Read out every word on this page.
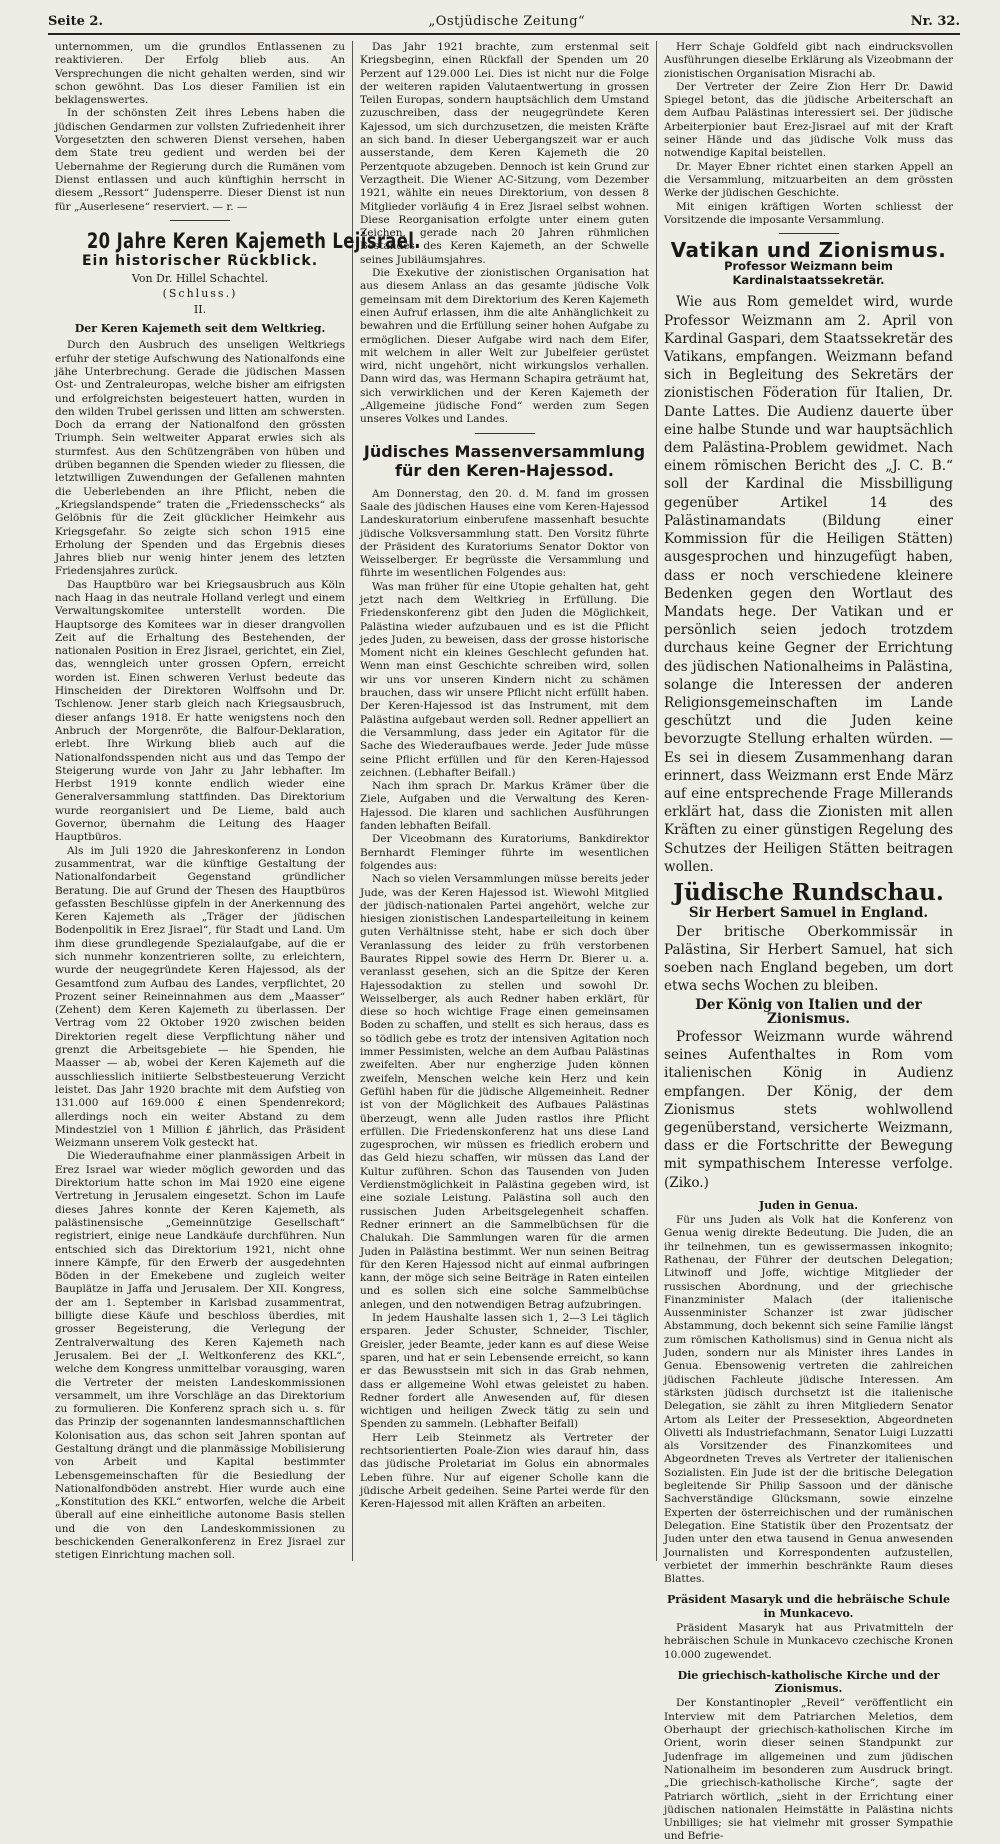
Seite 2.	„Ostjüdische Zeitung“	Nr. 32.

unternommen, um die grundlos Entlassenen zu reaktivieren. Der Erfolg blieb aus. An Versprechungen die nicht gehalten werden, sind wir schon gewöhnt. Das Los dieser Familien ist ein beklagenswertes.

In der schönsten Zeit ihres Lebens haben die jüdischen Gendarmen zur vollsten Zufriedenheit ihrer Vorgesetzten den schweren Dienst versehen, haben dem State treu gedient und werden bei der Uebernahme der Regierung durch die Rumänen vom Dienst entlassen und auch künftighin herrscht in diesem „Ressort“ Judensperre. Dieser Dienst ist nun für „Auserlesene“ reserviert. — r. —

20 Jahre Keren Kajemeth Lejisrael.
Ein historischer Rückblick.
Von Dr. Hillel Schachtel.
(Schluss.)
II.
Der Keren Kajemeth seit dem Weltkrieg.

Durch den Ausbruch des unseligen Weltkriegs erfuhr der stetige Aufschwung des Nationalfonds eine jähe Unterbrechung. Gerade die jüdischen Massen Ost- und Zentraleuropas, welche bisher am eifrigsten und erfolgreichsten beigesteuert hatten, wurden in den wilden Trubel gerissen und litten am schwersten. Doch da errang der Nationalfond den grössten Triumph. Sein weltweiter Apparat erwies sich als sturmfest. Aus den Schützengräben von hüben und drüben begannen die Spenden wieder zu fliessen, die letztwilligen Zuwendungen der Gefallenen mahnten die Ueberlebenden an ihre Pflicht, neben die „Kriegslandspende“ traten die „Friedensschecks“ als Gelöbnis für die Zeit glücklicher Heimkehr aus Kriegsgefahr. So zeigte sich schon 1915 eine Erholung der Spenden und das Ergebnis dieses Jahres blieb nur wenig hinter jenem des letzten Friedensjahres zurück.

Das Hauptbüro war bei Kriegsausbruch aus Köln nach Haag in das neutrale Holland verlegt und einem Verwaltungskomitee unterstellt worden. Die Hauptsorge des Komitees war in dieser drangvollen Zeit auf die Erhaltung des Bestehenden, der nationalen Position in Erez Jisrael, gerichtet, ein Ziel, das, wenngleich unter grossen Opfern, erreicht worden ist. Einen schweren Verlust bedeute das Hinscheiden der Direktoren Wolffsohn und Dr. Tschlenow. Jener starb gleich nach Kriegsausbruch, dieser anfangs 1918. Er hatte wenigstens noch den Anbruch der Morgenröte, die Balfour-Deklaration, erlebt. Ihre Wirkung blieb auch auf die Nationalfondsspenden nicht aus und das Tempo der Steigerung wurde von Jahr zu Jahr lebhafter. Im Herbst 1919 konnte endlich wieder eine Generalversammlung stattfinden. Das Direktorium wurde reorganisiert und De Lieme, bald auch Governor, übernahm die Leitung des Haager Hauptbüros.

Als im Juli 1920 die Jahreskonferenz in London zusammentrat, war die künftige Gestaltung der Nationalfondarbeit Gegenstand gründlicher Beratung. Die auf Grund der Thesen des Hauptbüros gefassten Beschlüsse gipfeln in der Anerkennung des Keren Kajemeth als „Träger der jüdischen Bodenpolitik in Erez Jisrael“, für Stadt und Land. Um ihm diese grundlegende Spezialaufgabe, auf die er sich nunmehr konzentrieren sollte, zu erleichtern, wurde der neugegründete Keren Hajessod, als der Gesamtfond zum Aufbau des Landes, verpflichtet, 20 Prozent seiner Reineinnahmen aus dem „Maasser“ (Zehent) dem Keren Kajemeth zu überlassen. Der Vertrag vom 22 Oktober 1920 zwischen beiden Direktorien regelt diese Verpflichtung näher und grenzt die Arbeitsgebiete — hie Spenden, hie Maasser — ab, wobei der Keren Kajemeth auf die ausschliesslich initiierte Selbstbesteuerung Verzicht leistet. Das Jahr 1920 brachte mit dem Aufstieg von 131.000 auf 169.000 £ einen Spendenrekord; allerdings noch ein weiter Abstand zu dem Mindestziel von 1 Million £ jährlich, das Präsident Weizmann unserem Volk gesteckt hat.

Die Wiederaufnahme einer planmässigen Arbeit in Erez Israel war wieder möglich geworden und das Direktorium hatte schon im Mai 1920 eine eigene Vertretung in Jerusalem eingesetzt. Schon im Laufe dieses Jahres konnte der Keren Kajemeth, als palästinensische „Gemeinnützige Gesellschaft“ registriert, einige neue Landkäufe durchführen. Nun entschied sich das Direktorium 1921, nicht ohne innere Kämpfe, für den Erwerb der ausgedehnten Böden in der Emekebene und zugleich weiter Bauplätze in Jaffa und Jerusalem. Der XII. Kongress, der am 1. September in Karlsbad zusammentrat, billigte diese Käufe und beschloss überdies, mit grosser Begeisterung, die Verlegung der Zentralverwaltung des Keren Kajemeth nach Jerusalem. Bei der „I. Weltkonferenz des KKL“, welche dem Kongress unmittelbar vorausging, waren die Vertreter der meisten Landeskommissionen versammelt, um ihre Vorschläge an das Direktorium zu formulieren. Die Konferenz sprach sich u. s. für das Prinzip der sogenannten landesmannschaftlichen Kolonisation aus, das schon seit Jahren spontan auf Gestaltung drängt und die planmässige Mobilisierung von Arbeit und Kapital bestimmter Lebensgemeinschaften für die Besiedlung der Nationalfondböden anstrebt. Hier wurde auch eine „Konstitution des KKL“ entworfen, welche die Arbeit überall auf eine einheitliche autonome Basis stellen und die von den Landeskommissionen zu beschickenden Generalkonferenz in Erez Jisrael zur stetigen Einrichtung machen soll.

Das Jahr 1921 brachte, zum erstenmal seit Kriegsbeginn, einen Rückfall der Spenden um 20 Perzent auf 129.000 Lei. Dies ist nicht nur die Folge der weiteren rapiden Valutaentwertung in grossen Teilen Europas, sondern hauptsächlich dem Umstand zuzuschreiben, dass der neugegründete Keren Kajessod, um sich durchzusetzen, die meisten Kräfte an sich band. In dieser Uebergangszeit war er auch ausserstande, dem Keren Kajemeth die 20 Perzentquote abzugeben. Dennoch ist kein Grund zur Verzagtheit. Die Wiener AC-Sitzung, vom Dezember 1921, wählte ein neues Direktorium, von dessen 8 Mitglieder vorläufig 4 in Erez Jisrael selbst wohnen. Diese Reorganisation erfolgte unter einem guten Zeichen, gerade nach 20 Jahren rühmlichen Bestandes des Keren Kajemeth, an der Schwelle seines Jubiläumsjahres.

Die Exekutive der zionistischen Organisation hat aus diesem Anlass an das gesamte jüdische Volk gemeinsam mit dem Direktorium des Keren Kajemeth einen Aufruf erlassen, ihm die alte Anhänglichkeit zu bewahren und die Erfüllung seiner hohen Aufgabe zu ermöglichen. Dieser Aufgabe wird nach dem Eifer, mit welchem in aller Welt zur Jubelfeier gerüstet wird, nicht ungehört, nicht wirkungslos verhallen. Dann wird das, was Hermann Schapira geträumt hat, sich verwirklichen und der Keren Kajemeth der „Allgemeine jüdische Fond“ werden zum Segen unseres Volkes und Landes.

Jüdisches Massenversammlung für den Keren-Hajessod.

Am Donnerstag, den 20. d. M. fand im grossen Saale des jüdischen Hauses eine vom Keren-Hajessod Landeskuratorium einberufene massenhaft besuchte jüdische Volksversammlung statt. Den Vorsitz führte der Präsident des Kuratoriums Senator Doktor von Weisselberger. Er begrüsste die Versammlung und führte im wesentlichen Folgendes aus:

Was man früher für eine Utopie gehalten hat, geht jetzt nach dem Weltkrieg in Erfüllung. Die Friedenskonferenz gibt den Juden die Möglichkeit, Palästina wieder aufzubauen und es ist die Pflicht jedes Juden, zu beweisen, dass der grosse historische Moment nicht ein kleines Geschlecht gefunden hat. Wenn man einst Geschichte schreiben wird, sollen wir uns vor unseren Kindern nicht zu schämen brauchen, dass wir unsere Pflicht nicht erfüllt haben. Der Keren-Hajessod ist das Instrument, mit dem Palästina aufgebaut werden soll. Redner appelliert an die Versammlung, dass jeder ein Agitator für die Sache des Wiederaufbaues werde. Jeder Jude müsse seine Pflicht erfüllen und für den Keren-Hajessod zeichnen. (Lebhafter Beifall.)

Nach ihm sprach Dr. Markus Krämer über die Ziele, Aufgaben und die Verwaltung des Keren-Hajessod. Die klaren und sachlichen Ausführungen fanden lebhaften Beifall.

Der Viceobmann des Kuratoriums, Bankdirektor Bernhardt Fleminger führte im wesentlichen folgendes aus:

Nach so vielen Versammlungen müsse bereits jeder Jude, was der Keren Hajessod ist. Wiewohl Mitglied der jüdisch-nationalen Partei angehört, welche zur hiesigen zionistischen Landesparteileitung in keinem guten Verhältnisse steht, habe er sich doch über Veranlassung des leider zu früh verstorbenen Baurates Rippel sowie des Herrn Dr. Bierer u. a. veranlasst gesehen, sich an die Spitze der Keren Hajessodaktion zu stellen und sowohl Dr. Weisselberger, als auch Redner haben erklärt, für diese so hoch wichtige Frage einen gemeinsamen Boden zu schaffen, und stellt es sich heraus, dass es so tödlich gebe es trotz der intensiven Agitation noch immer Pessimisten, welche an dem Aufbau Palästinas zweifelten. Aber nur engherzige Juden können zweifeln, Menschen welche kein Herz und kein Gefühl haben für die jüdische Allgemeinheit. Redner ist von der Möglichkeit des Aufbaues Palästinas überzeugt, wenn alle Juden rastlos ihre Pflicht erfüllen. Die Friedenskonferenz hat uns diese Land zugesprochen, wir müssen es friedlich erobern und das Geld hiezu schaffen, wir müssen das Land der Kultur zuführen. Schon das Tausenden von Juden Verdienstmöglichkeit in Palästina gegeben wird, ist eine soziale Leistung. Palästina soll auch den russischen Juden Arbeitsgelegenheit schaffen. Redner erinnert an die Sammelbüchsen für die Chalukah. Die Sammlungen waren für die armen Juden in Palästina bestimmt. Wer nun seinen Beitrag für den Keren Hajessod nicht auf einmal aufbringen kann, der möge sich seine Beiträge in Raten einteilen und es sollen sich eine solche Sammelbüchse anlegen, und den notwendigen Betrag aufzubringen.

In jedem Haushalte lassen sich 1, 2—3 Lei täglich ersparen. Jeder Schuster, Schneider, Tischler, Greisler, jeder Beamte, jeder kann es auf diese Weise sparen, und hat er sein Lebensende erreicht, so kann er das Bewusstsein mit sich in das Grab nehmen, dass er allgemeine Wohl etwas geleistet zu haben. Redner fordert alle Anwesenden auf, für diesen wichtigen und heiligen Zweck tätig zu sein und Spenden zu sammeln. (Lebhafter Beifall)

Herr Leib Steinmetz als Vertreter der rechtsorientierten Poale-Zion wies darauf hin, dass das jüdische Proletariat im Golus ein abnormales Leben führe. Nur auf eigener Scholle kann die jüdische Arbeit gedeihen. Seine Partei werde für den Keren-Hajessod mit allen Kräften an arbeiten.

Herr Schaje Goldfeld gibt nach eindrucksvollen Ausführungen dieselbe Erklärung als Vizeobmann der zionistischen Organisation Misrachi ab.

Der Vertreter der Zeire Zion Herr Dr. Dawid Spiegel betont, das die jüdische Arbeiterschaft an dem Aufbau Palästinas interessiert sei. Der jüdische Arbeiterpionier baut Erez-Jisrael auf mit der Kraft seiner Hände und das jüdische Volk muss das notwendige Kapital beistellen.

Dr. Mayer Ebner richtet einen starken Appell an die Versammlung, mitzuarbeiten an dem grössten Werke der jüdischen Geschichte.

Mit einigen kräftigen Worten schliesst der Vorsitzende die imposante Versammlung.

Vatikan und Zionismus.
Professor Weizmann beim Kardinalstaatssekretär.

Wie aus Rom gemeldet wird, wurde Professor Weizmann am 2. April von Kardinal Gaspari, dem Staatssekretär des Vatikans, empfangen. Weizmann befand sich in Begleitung des Sekretärs der zionistischen Föderation für Italien, Dr. Dante Lattes. Die Audienz dauerte über eine halbe Stunde und war hauptsächlich dem Palästina-Problem gewidmet. Nach einem römischen Bericht des „J. C. B.“ soll der Kardinal die Missbilligung gegenüber Artikel 14 des Palästinamandats (Bildung einer Kommission für die Heiligen Stätten) ausgesprochen und hinzugefügt haben, dass er noch verschiedene kleinere Bedenken gegen den Wortlaut des Mandats hege. Der Vatikan und er persönlich seien jedoch trotzdem durchaus keine Gegner der Errichtung des jüdischen Nationalheims in Palästina, solange die Interessen der anderen Religionsgemeinschaften im Lande geschützt und die Juden keine bevorzugte Stellung erhalten würden. — Es sei in diesem Zusammenhang daran erinnert, dass Weizmann erst Ende März auf eine entsprechende Frage Millerands erklärt hat, dass die Zionisten mit allen Kräften zu einer günstigen Regelung des Schutzes der Heiligen Stätten beitragen wollen.

Jüdische Rundschau.
Sir Herbert Samuel in England.

Der britische Oberkommissär in Palästina, Sir Herbert Samuel, hat sich soeben nach England begeben, um dort etwa sechs Wochen zu bleiben.

Der König von Italien und der Zionismus.

Professor Weizmann wurde während seines Aufenthaltes in Rom vom italienischen König in Audienz empfangen. Der König, der dem Zionismus stets wohlwollend gegenüberstand, versicherte Weizmann, dass er die Fortschritte der Bewegung mit sympathischem Interesse verfolge. (Ziko.)

Juden in Genua.

Für uns Juden als Volk hat die Konferenz von Genua wenig direkte Bedeutung. Die Juden, die an ihr teilnehmen, tun es gewissermassen inkognito; Rathenau, der Führer der deutschen Delegation; Litwinoff und Joffe, wichtige Mitglieder der russischen Abordnung, und der griechische Finanzminister Malach (der italienische Aussenminister Schanzer ist zwar jüdischer Abstammung, doch bekennt sich seine Familie längst zum römischen Katholismus) sind in Genua nicht als Juden, sondern nur als Minister ihres Landes in Genua. Ebensowenig vertreten die zahlreichen jüdischen Fachleute jüdische Interessen. Am stärksten jüdisch durchsetzt ist die italienische Delegation, sie zählt zu ihren Mitgliedern Senator Artom als Leiter der Pressesektion, Abgeordneten Olivetti als Industriefachmann, Senator Luigi Luzzatti als Vorsitzender des Finanzkomitees und Abgeordneten Treves als Vertreter der italienischen Sozialisten. Ein Jude ist der die britische Delegation begleitende Sir Philip Sassoon und der dänische Sachverständige Glücksmann, sowie einzelne Experten der österreichischen und der rumänischen Delegation. Eine Statistik über den Prozentsatz der Juden unter den etwa tausend in Genua anwesenden Journalisten und Korrespondenten aufzustellen, verbietet der immerhin beschränkte Raum dieses Blattes.

Präsident Masaryk und die hebräische Schule in Munkacevo.

Präsident Masaryk hat aus Privatmitteln der hebräischen Schule in Munkacevo czechische Kronen 10.000 zugewendet.

Die griechisch-katholische Kirche und der Zionismus.

Der Konstantinopler „Reveil“ veröffentlicht ein Interview mit dem Patriarchen Meletios, dem Oberhaupt der griechisch-katholischen Kirche im Orient, worin dieser seinen Standpunkt zur Judenfrage im allgemeinen und zum jüdischen Nationalheim im besonderen zum Ausdruck bringt. „Die griechisch-katholische Kirche“, sagte der Patriarch wörtlich, „sieht in der Errichtung einer jüdischen nationalen Heimstätte in Palästina nichts Unbilliges; sie hat vielmehr mit grosser Sympathie und Befrie-
